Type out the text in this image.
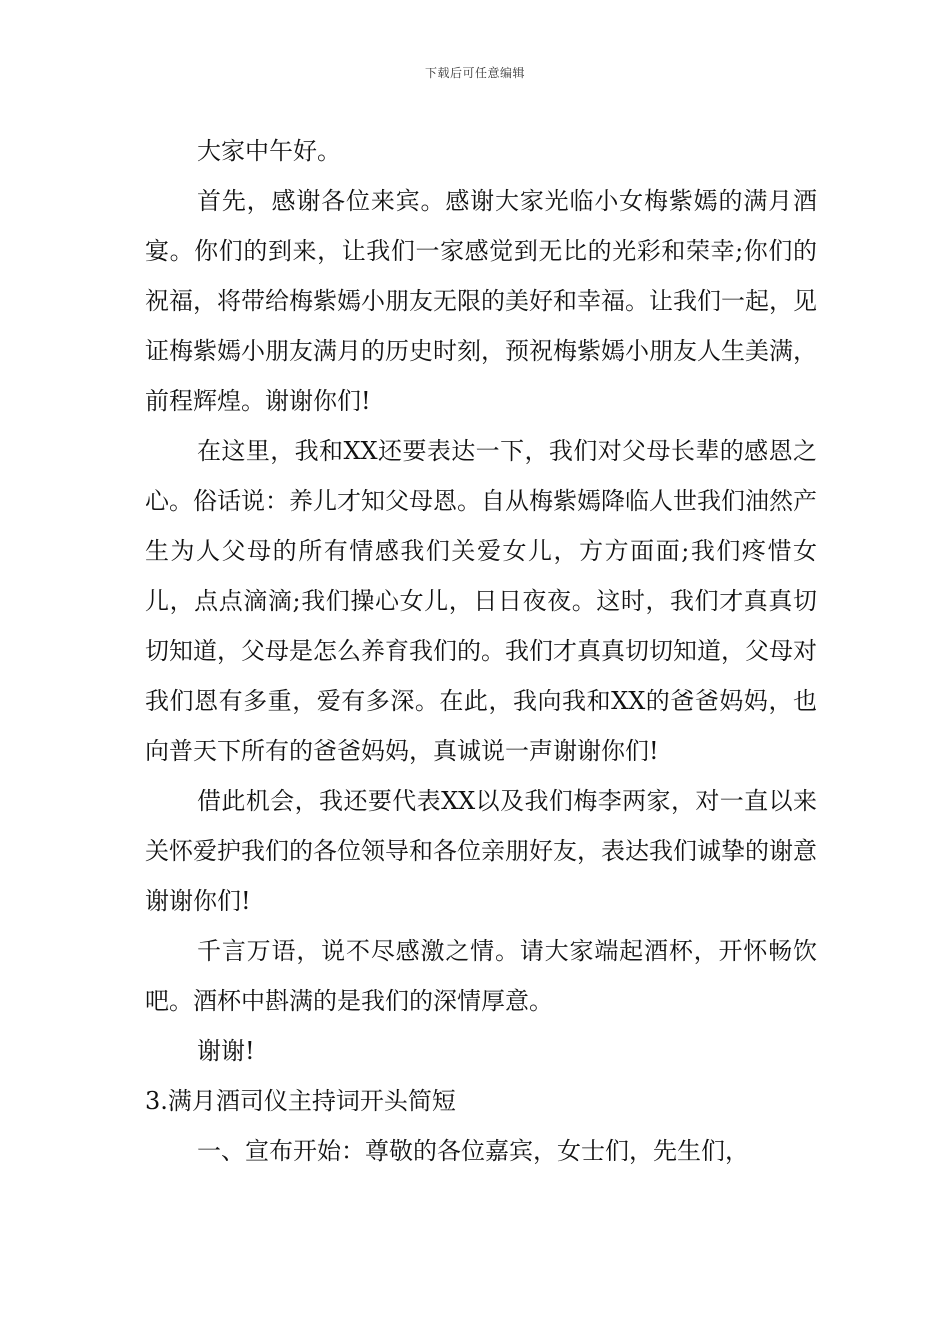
下载后可任意编辑

大家中午好。

首先，感谢各位来宾。感谢大家光临小女梅紫嫣的满月酒宴。你们的到来，让我们一家感觉到无比的光彩和荣幸;你们的祝福，将带给梅紫嫣小朋友无限的美好和幸福。让我们一起，见证梅紫嫣小朋友满月的历史时刻，预祝梅紫嫣小朋友人生美满，前程辉煌。谢谢你们!

在这里，我和XX还要表达一下，我们对父母长辈的感恩之心。俗话说：养儿才知父母恩。自从梅紫嫣降临人世我们油然产生为人父母的所有情感我们关爱女儿，方方面面;我们疼惜女儿，点点滴滴;我们操心女儿，日日夜夜。这时，我们才真真切切知道，父母是怎么养育我们的。我们才真真切切知道，父母对我们恩有多重，爱有多深。在此，我向我和XX的爸爸妈妈，也向普天下所有的爸爸妈妈，真诚说一声谢谢你们!

借此机会，我还要代表XX以及我们梅李两家，对一直以来关怀爱护我们的各位领导和各位亲朋好友，表达我们诚挚的谢意谢谢你们!

千言万语，说不尽感激之情。请大家端起酒杯，开怀畅饮吧。酒杯中斟满的是我们的深情厚意。

谢谢!

3.满月酒司仪主持词开头简短

一、宣布开始：尊敬的各位嘉宾，女士们，先生们，
